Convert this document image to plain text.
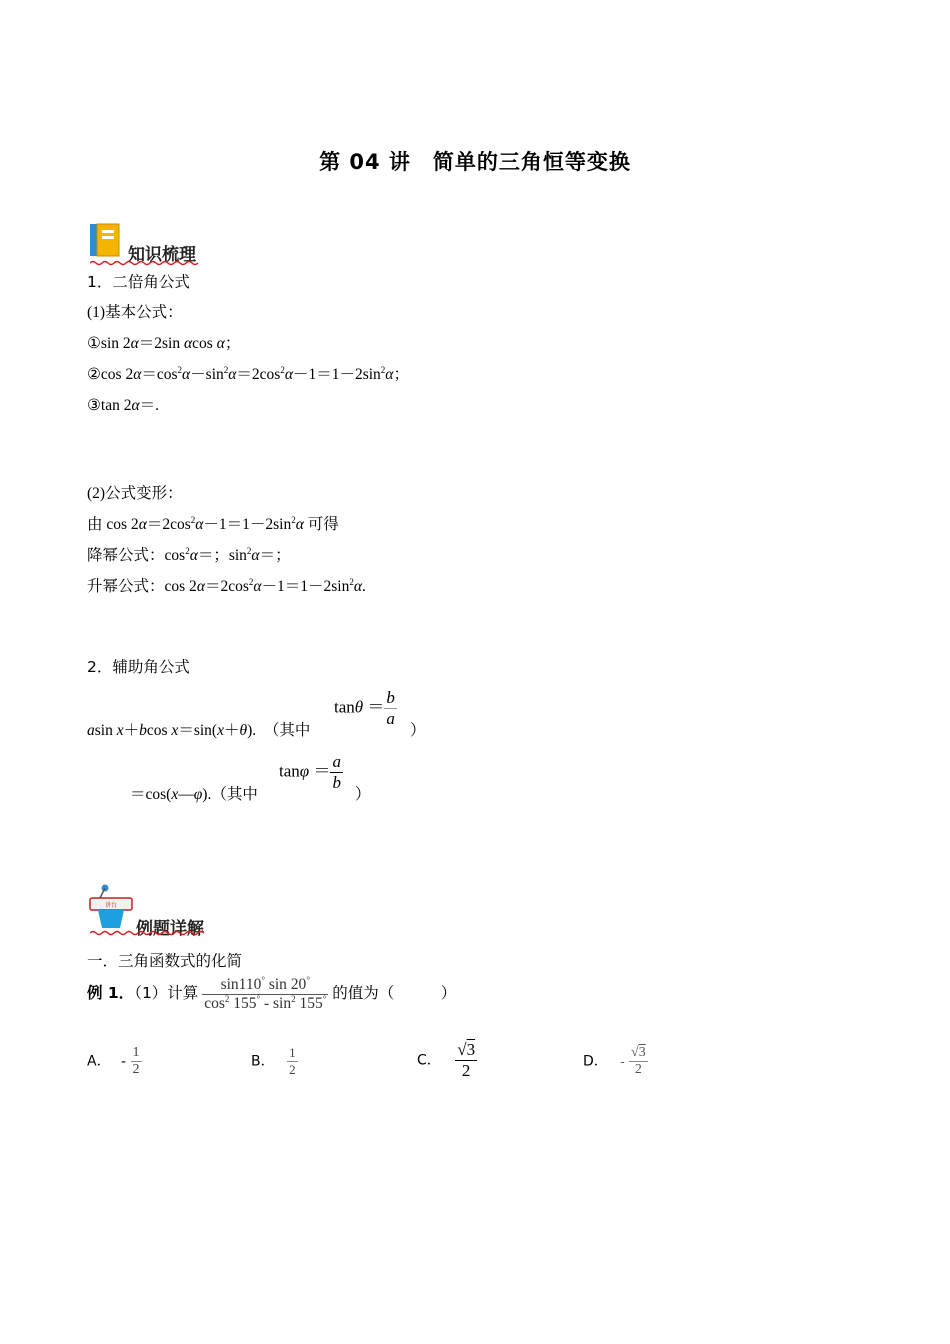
第 04 讲　简单的三角恒等变换
知识梳理
1．二倍角公式
(1)基本公式：
①sin 2α＝2sin αcos α；
②cos $2\alpha=\cos^2\alpha-\sin^2\alpha=2\cos^2\alpha-1=1-2\sin^2\alpha$；
③tan 2α＝.
(2)公式变形：
由 $\cos 2\alpha=2\cos^2\alpha-1=1-2\sin^2\alpha$ 可得
降幂公式：$\cos^2\alpha=$；$\sin^2\alpha=$；
升幂公式：$\cos 2\alpha=2\cos^2\alpha-1=1-2\sin^2\alpha$.
2．辅助角公式
asin x＋bcos x＝sin(x＋θ).　（其中
$\tan\theta = \frac{b}{a}$
）
＝cos(x—φ).（其中
$\tan\varphi = \frac{a}{b}$
）
讲台
例题详解
一．三角函数式的化简
例 1．（1）计算 $\frac{\sin 110^\circ \sin 20^\circ}{\cos^2 155^\circ - \sin^2 155^\circ}$ 的值为（　　　）
A． - $\frac{1}{2}$	B． $\frac{1}{2}$	C． $\frac{√3}{2}$	D． - $\frac{√3}{2}$
